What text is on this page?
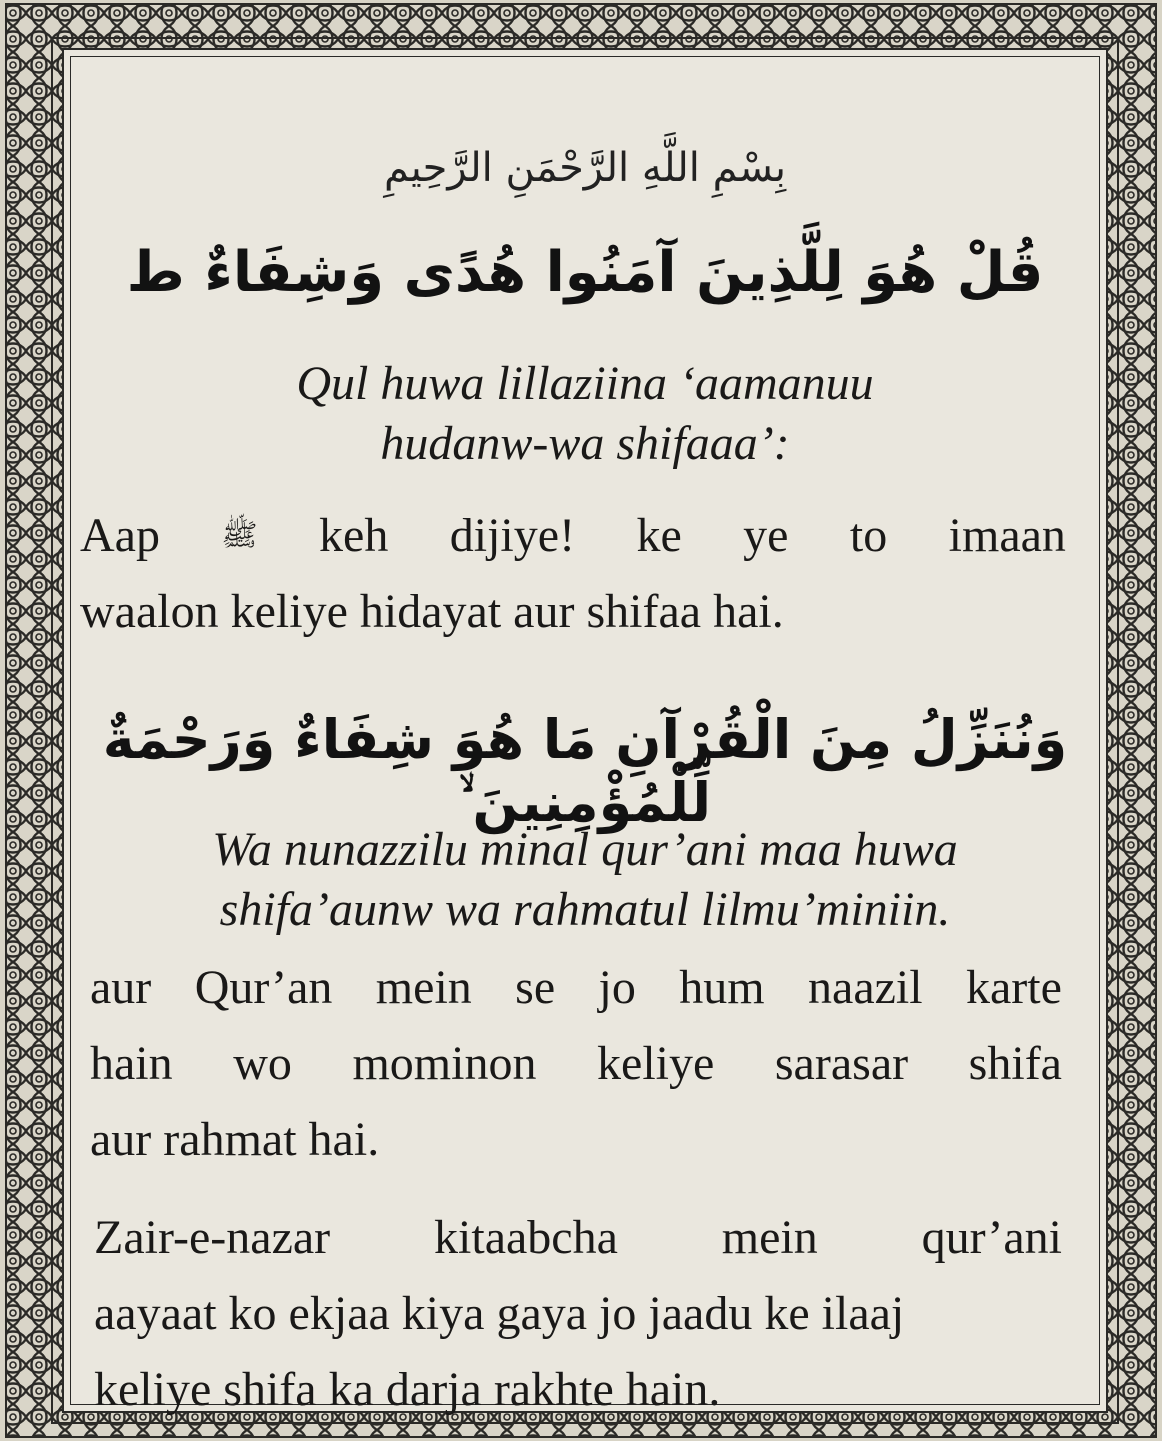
بِسْمِ اللَّهِ الرَّحْمَنِ الرَّحِيمِ
قُلْ هُوَ لِلَّذِينَ آمَنُوا هُدًى وَشِفَاءٌ ط
Qul huwa lillaziina ‘aamanuu
hudanw-wa shifaaa’:
Aap ﷺ keh dijiye! ke ye to imaan
waalon keliye hidayat aur shifaa hai.
وَنُنَزِّلُ مِنَ الْقُرْآنِ مَا هُوَ شِفَاءٌ وَرَحْمَةٌ لِّلْمُؤْمِنِينَ ۙ
Wa nunazzilu minal qur’ani maa huwa
shifa’aunw wa rahmatul lilmu’miniin.
aur Qur’an mein se jo hum naazil karte
hain wo mominon keliye sarasar shifa
aur rahmat hai.
Zair-e-nazar kitaabcha mein qur’ani
aayaat ko ekjaa kiya gaya jo jaadu ke ilaaj
keliye shifa ka darja rakhte hain.
